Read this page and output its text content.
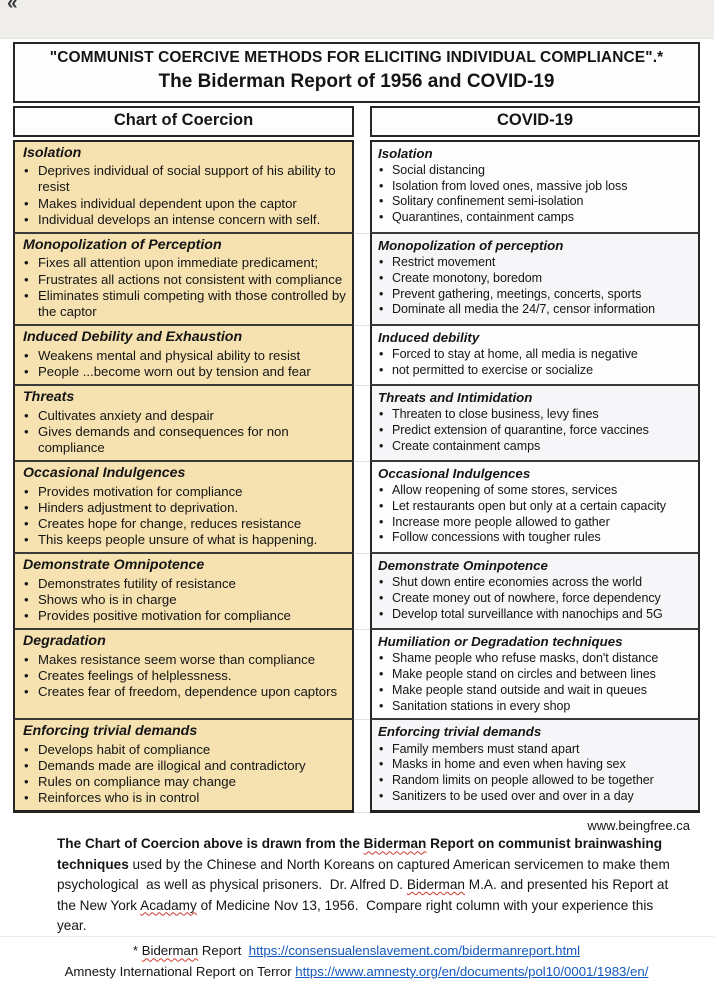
«
"COMMUNIST COERCIVE METHODS FOR ELICITING INDIVIDUAL COMPLIANCE".*
The Biderman Report of 1956 and COVID-19
Chart of Coercion	COVID-19
Isolation
• Deprives individual of social support of his ability to resist
• Makes individual dependent upon the captor
• Individual develops an intense concern with self.
Isolation
• Social distancing
• Isolation from loved ones, massive job loss
• Solitary confinement semi-isolation
• Quarantines, containment camps
Monopolization of Perception
• Fixes all attention upon immediate predicament;
• Frustrates all actions not consistent with compliance
• Eliminates stimuli competing with those controlled by the captor
Monopolization of perception
• Restrict movement
• Create monotony, boredom
• Prevent gathering, meetings, concerts, sports
• Dominate all media the 24/7, censor information
Induced Debility and Exhaustion
• Weakens mental and physical ability to resist
• People ...become worn out by tension and fear
Induced debility
• Forced to stay at home, all media is negative
• not permitted to exercise or socialize
Threats
• Cultivates anxiety and despair
• Gives demands and consequences for non compliance
Threats and Intimidation
• Threaten to close business, levy fines
• Predict extension of quarantine, force vaccines
• Create containment camps
Occasional Indulgences
• Provides motivation for compliance
• Hinders adjustment to deprivation.
• Creates hope for change, reduces resistance
• This keeps people unsure of what is happening.
Occasional Indulgences
• Allow reopening of some stores, services
• Let restaurants open but only at a certain capacity
• Increase more people allowed to gather
• Follow concessions with tougher rules
Demonstrate Omnipotence
• Demonstrates futility of resistance
• Shows who is in charge
• Provides positive motivation for compliance
Demonstrate Ominpotence
• Shut down entire economies across the world
• Create money out of nowhere, force dependency
• Develop total surveillance with nanochips and 5G
Degradation
• Makes resistance seem worse than compliance
• Creates feelings of helplessness.
• Creates fear of freedom, dependence upon captors
Humiliation or Degradation techniques
• Shame people who refuse masks, don't distance
• Make people stand on circles and between lines
• Make people stand outside and wait in queues
• Sanitation stations in every shop
Enforcing trivial demands
• Develops habit of compliance
• Demands made are illogical and contradictory
• Rules on compliance may change
• Reinforces who is in control
Enforcing trivial demands
• Family members must stand apart
• Masks in home and even when having sex
• Random limits on people allowed to be together
• Sanitizers to be used over and over in a day
www.beingfree.ca

The Chart of Coercion above is drawn from the Biderman Report on communist brainwashing techniques used by the Chinese and North Koreans on captured American servicemen to make them psychological  as well as physical prisoners.  Dr. Alfred D. Biderman M.A. and presented his Report at the New York Acadamy of Medicine Nov 13, 1956.  Compare right column with your experience this year.

* Biderman Report  https://consensualenslavement.com/bidermanreport.html
Amnesty International Report on Terror https://www.amnesty.org/en/documents/pol10/0001/1983/en/
